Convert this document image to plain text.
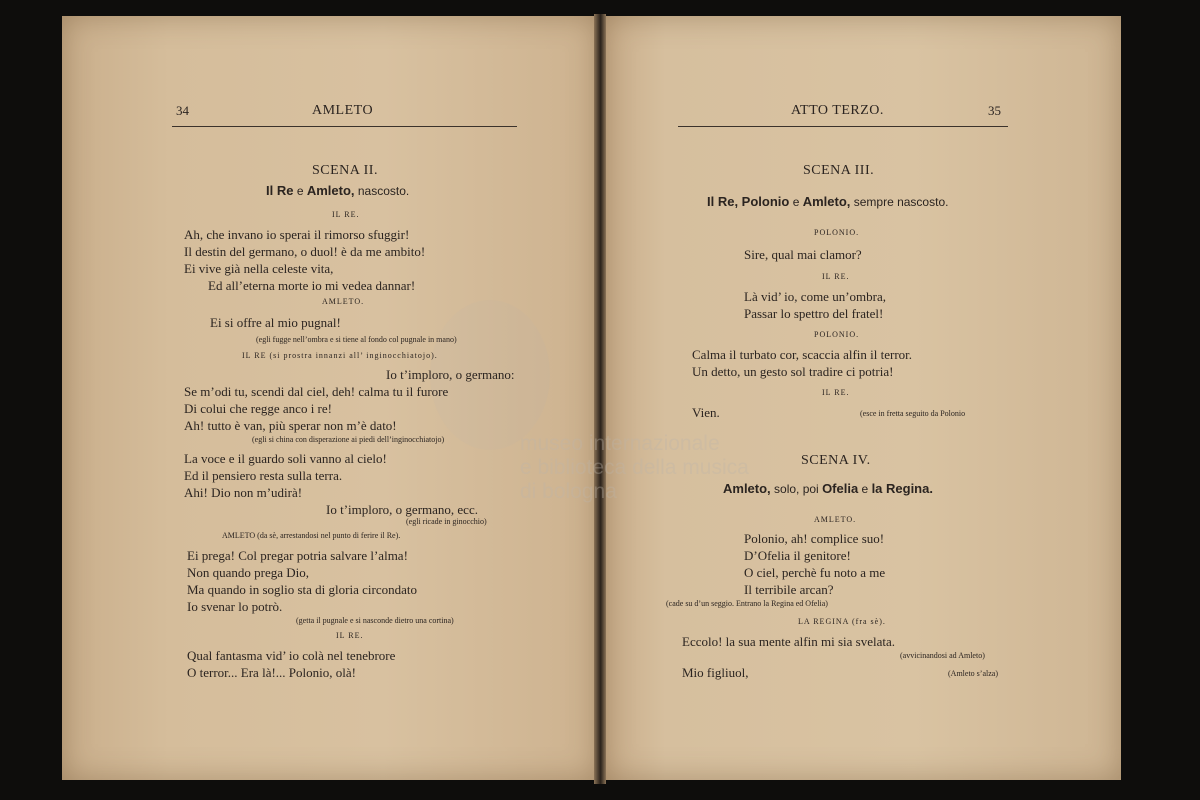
museo internazionale
e biblioteca della musica
di bologna
34	AMLETO
SCENA II.
Il Re e Amleto, nascosto.
IL RE.
Ah, che invano io sperai il rimorso sfuggir!
Il destin del germano, o duol! è da me ambito!
Ei vive già nella celeste vita,
Ed all’eterna morte io mi vedea dannar!
AMLETO.
Ei si offre al mio pugnal!
(egli fugge nell’ombra e si tiene al fondo col pugnale in mano)
IL RE (si prostra innanzi all’ inginocchiatojo).
Io t’imploro, o germano:
Se m’odi tu, scendi dal ciel, deh! calma tu il furore
Di colui che regge anco i re!
Ah! tutto è van, più sperar non m’è dato!
(egli si china con disperazione ai piedi dell’inginocchiatojo)
La voce e il guardo soli vanno al cielo!
Ed il pensiero resta sulla terra.
Ahi! Dio non m’udirà!
Io t’imploro, o germano, ecc.
(egli ricade in ginocchio)
AMLETO (da sè, arrestandosi nel punto di ferire il Re).
Ei prega! Col pregar potria salvare l’alma!
Non quando prega Dio,
Ma quando in soglio sta di gloria circondato
Io svenar lo potrò.
(getta il pugnale e si nasconde dietro una cortina)
IL RE.
Qual fantasma vid’ io colà nel tenebrore
O terror... Era là!... Polonio, olà!
ATTO TERZO.	35
SCENA III.
Il Re, Polonio e Amleto, sempre nascosto.
POLONIO.
Sire, qual mai clamor?
IL RE.
Là vid’ io, come un’ombra,
Passar lo spettro del fratel!
POLONIO.
Calma il turbato cor, scaccia alfin il terror.
Un detto, un gesto sol tradire ci potria!
IL RE.
Vien.	(esce in fretta seguito da Polonio
SCENA IV.
Amleto, solo, poi Ofelia e la Regina.
AMLETO.
Polonio, ah! complice suo!
D’Ofelia il genitore!
O ciel, perchè fu noto a me
Il terribile arcan?
(cade su d’un seggio. Entrano la Regina ed Ofelia)
LA REGINA (fra sè).
Eccolo! la sua mente alfin mi sia svelata.
(avvicinandosi ad Amleto)
Mio figliuol,	(Amleto s’alza)
